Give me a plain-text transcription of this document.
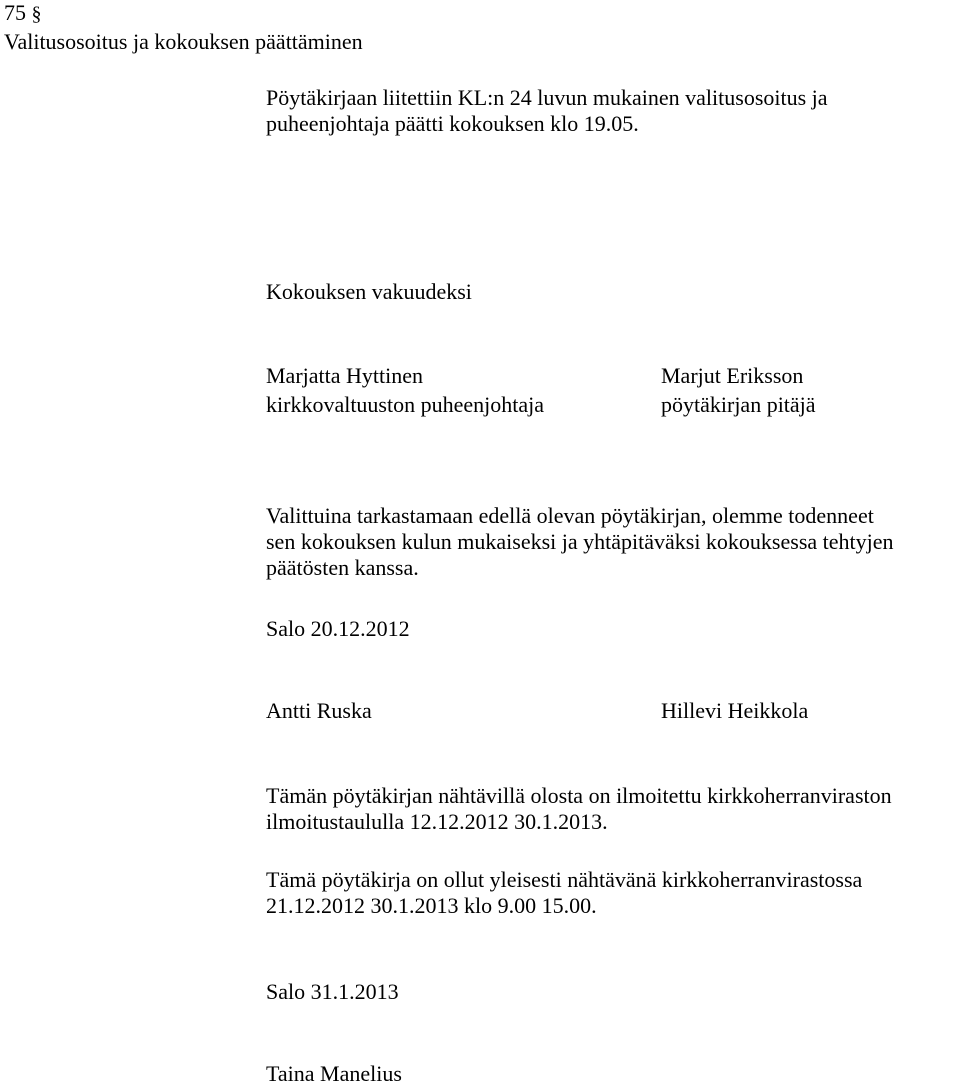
75 §
Valitusosoitus ja kokouksen päättäminen
Pöytäkirjaan liitettiin KL:n 24 luvun mukainen valitusosoitus ja
puheenjohtaja päätti kokouksen klo 19.05.
Kokouksen vakuudeksi
Marjatta Hyttinen
kirkkovaltuuston puheenjohtaja
Marjut Eriksson
pöytäkirjan pitäjä
Valittuina tarkastamaan edellä olevan pöytäkirjan, olemme todenneet
sen kokouksen kulun mukaiseksi ja yhtäpitäväksi kokouksessa tehtyjen
päätösten kanssa.
Salo 20.12.2012
Antti Ruska	Hillevi Heikkola
Tämän pöytäkirjan nähtävillä olosta on ilmoitettu kirkkoherranviraston
ilmoitustaululla 12.12.2012 30.1.2013.
Tämä pöytäkirja on ollut yleisesti nähtävänä kirkkoherranvirastossa
21.12.2012 30.1.2013 klo 9.00 15.00.
Salo 31.1.2013
Taina Manelius
